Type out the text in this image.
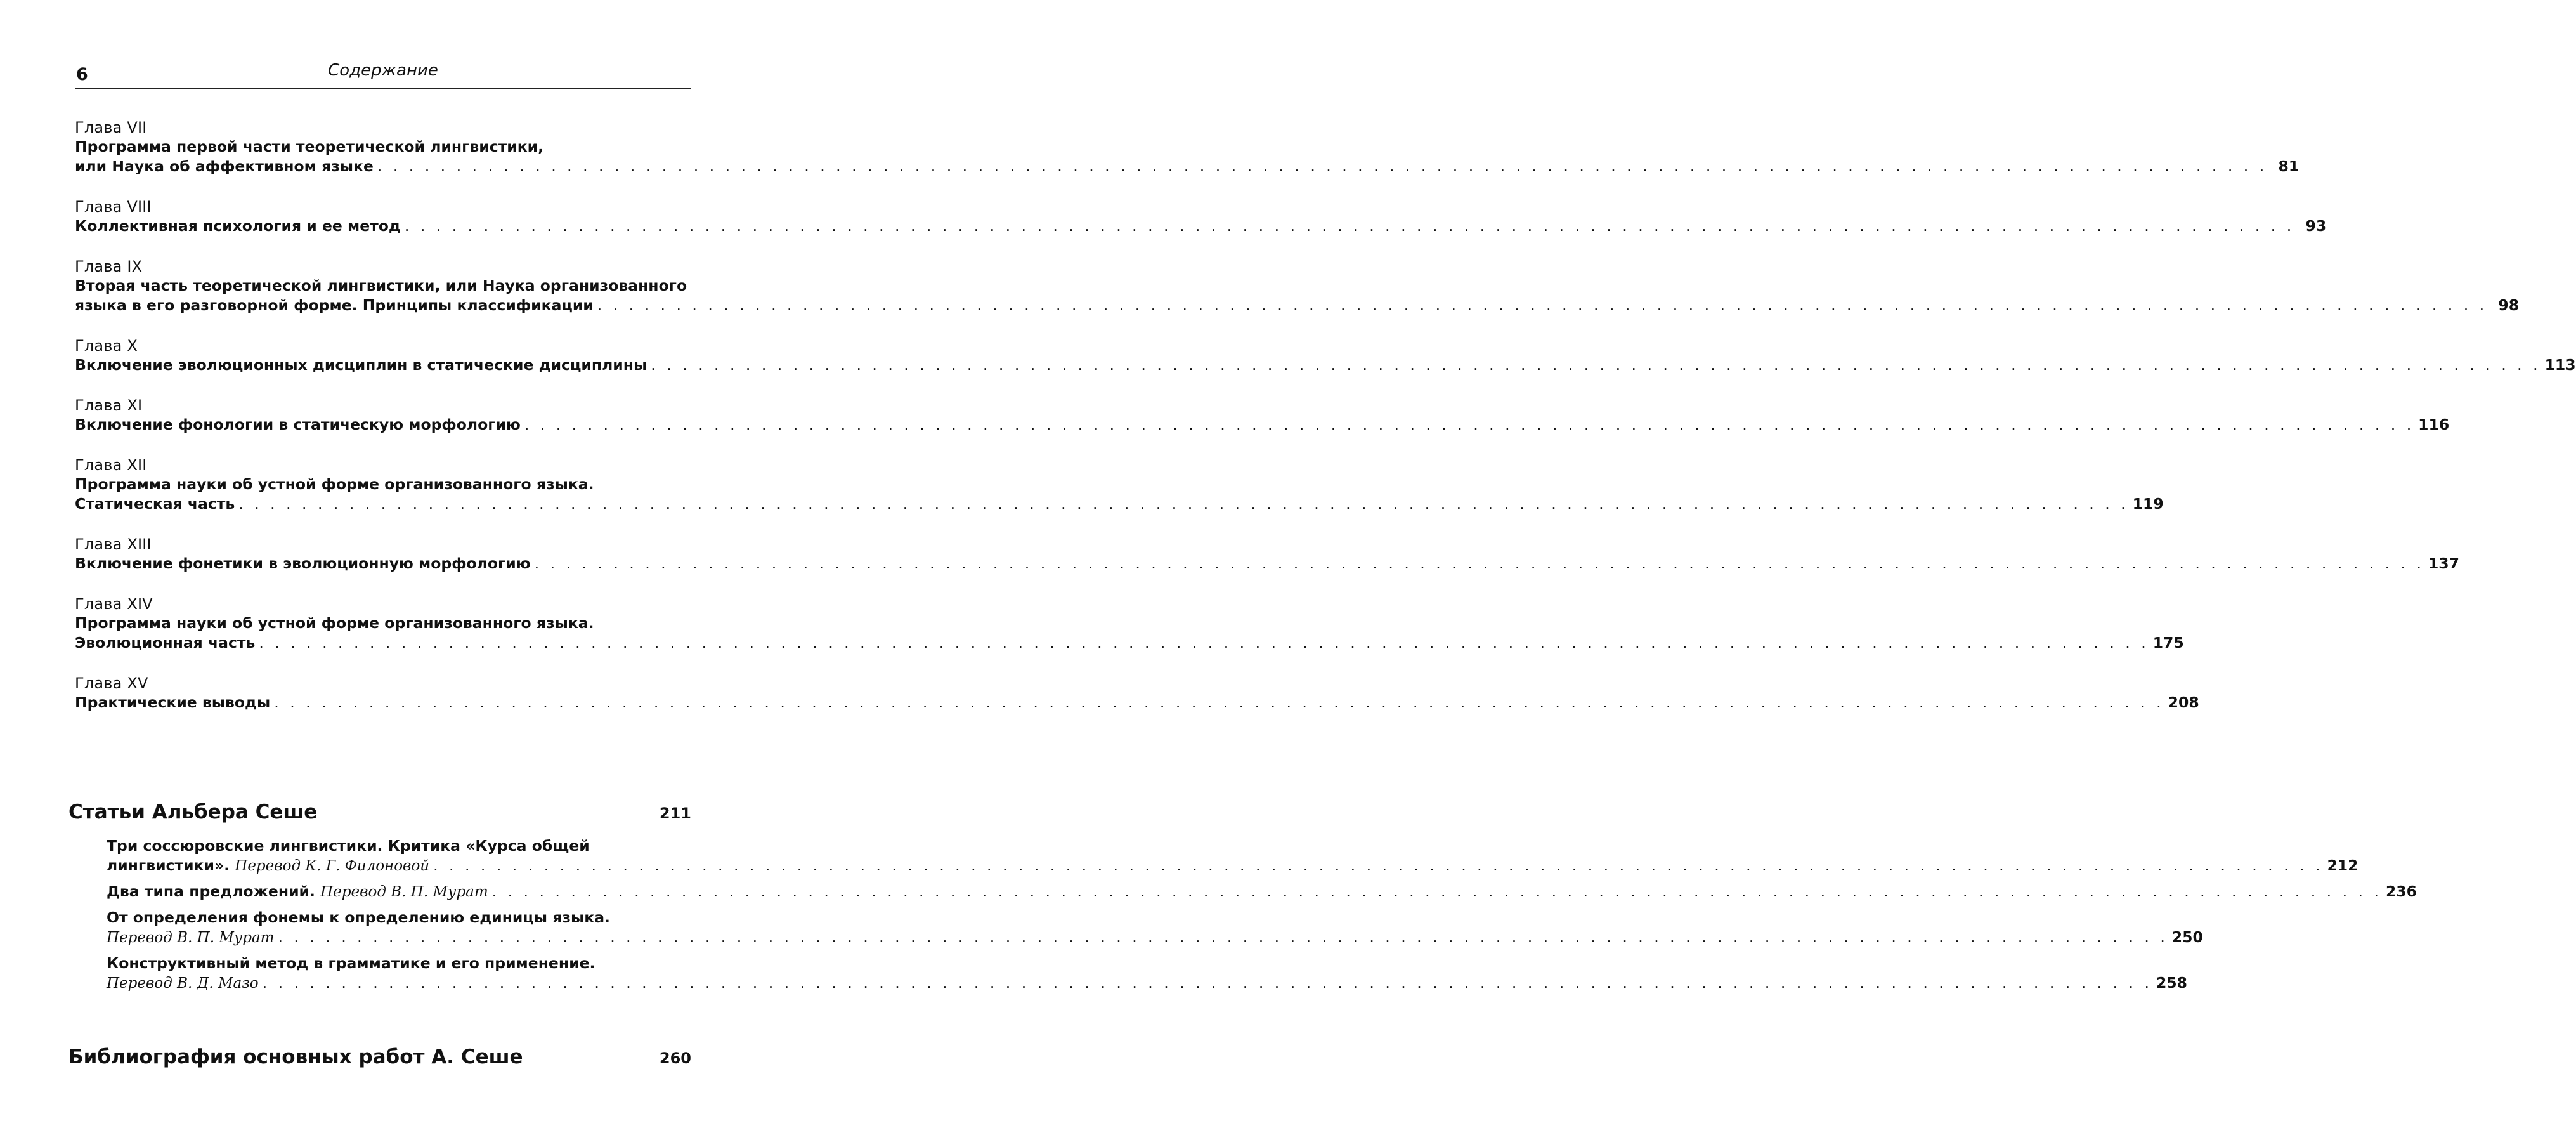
6	Содержание
Глава VII
Программа первой части теоретической лингвистики,
или Наука об аффективном языке . . . . . . . . . . . . . . . . . . . . . . . . . . . . . . . . . . . . . . . . . . . . . . . . . . . . . . . . . . . . . . . . . . . . . . . . . . . . . . . . . . . . . . . . . . . . . . . . . . . . . . . . . . . . . . . . . . . . . . . . 81
Глава VIII
Коллективная психология и ее метод . . . . . . . . . . . . . . . . . . . . . . . . . . . . . . . . . . . . . . . . . . . . . . . . . . . . . . . . . . . . . . . . . . . . . . . . . . . . . . . . . . . . . . . . . . . . . . . . . . . . . . . . . . . . . . . . . . . . . . . . 93
Глава IX
Вторая часть теоретической лингвистики, или Наука организованного
языка в его разговорной форме. Принципы классификации . . . . . . . . . . . . . . . . . . . . . . . . . . . . . . . . . . . . . . . . . . . . . . . . . . . . . . . . . . . . . . . . . . . . . . . . . . . . . . . . . . . . . . . . . . . . . . . . . . . . . . . . . . . . . . . . . . . . . . . . 98
Глава X
Включение эволюционных дисциплин в статические дисциплины . . . . . . . . . . . . . . . . . . . . . . . . . . . . . . . . . . . . . . . . . . . . . . . . . . . . . . . . . . . . . . . . . . . . . . . . . . . . . . . . . . . . . . . . . . . . . . . . . . . . . . . . . . . . . . . . . . . . . . . . 113
Глава XI
Включение фонологии в статическую морфологию . . . . . . . . . . . . . . . . . . . . . . . . . . . . . . . . . . . . . . . . . . . . . . . . . . . . . . . . . . . . . . . . . . . . . . . . . . . . . . . . . . . . . . . . . . . . . . . . . . . . . . . . . . . . . . . . . . . . . . . . 116
Глава XII
Программа науки об устной форме организованного языка.
Статическая часть . . . . . . . . . . . . . . . . . . . . . . . . . . . . . . . . . . . . . . . . . . . . . . . . . . . . . . . . . . . . . . . . . . . . . . . . . . . . . . . . . . . . . . . . . . . . . . . . . . . . . . . . . . . . . . . . . . . . . . . . 119
Глава XIII
Включение фонетики в эволюционную морфологию . . . . . . . . . . . . . . . . . . . . . . . . . . . . . . . . . . . . . . . . . . . . . . . . . . . . . . . . . . . . . . . . . . . . . . . . . . . . . . . . . . . . . . . . . . . . . . . . . . . . . . . . . . . . . . . . . . . . . . . . 137
Глава XIV
Программа науки об устной форме организованного языка.
Эволюционная часть . . . . . . . . . . . . . . . . . . . . . . . . . . . . . . . . . . . . . . . . . . . . . . . . . . . . . . . . . . . . . . . . . . . . . . . . . . . . . . . . . . . . . . . . . . . . . . . . . . . . . . . . . . . . . . . . . . . . . . . . 175
Глава XV
Практические выводы . . . . . . . . . . . . . . . . . . . . . . . . . . . . . . . . . . . . . . . . . . . . . . . . . . . . . . . . . . . . . . . . . . . . . . . . . . . . . . . . . . . . . . . . . . . . . . . . . . . . . . . . . . . . . . . . . . . . . . . . 208
Статьи Альбера Сеше	211
Три соссюровские лингвистики. Критика «Курса общей
лингвистики». Перевод К. Г. Филоновой . . . . . . . . . . . . . . . . . . . . . . . . . . . . . . . . . . . . . . . . . . . . . . . . . . . . . . . . . . . . . . . . . . . . . . . . . . . . . . . . . . . . . . . . . . . . . . . . . . . . . . . . . . . . . . . . . . . . . . . . 212
Два типа предложений. Перевод В. П. Мурат . . . . . . . . . . . . . . . . . . . . . . . . . . . . . . . . . . . . . . . . . . . . . . . . . . . . . . . . . . . . . . . . . . . . . . . . . . . . . . . . . . . . . . . . . . . . . . . . . . . . . . . . . . . . . . . . . . . . . . . . 236
От определения фонемы к определению единицы языка.
Перевод В. П. Мурат . . . . . . . . . . . . . . . . . . . . . . . . . . . . . . . . . . . . . . . . . . . . . . . . . . . . . . . . . . . . . . . . . . . . . . . . . . . . . . . . . . . . . . . . . . . . . . . . . . . . . . . . . . . . . . . . . . . . . . . . 250
Конструктивный метод в грамматике и его применение.
Перевод В. Д. Мазо . . . . . . . . . . . . . . . . . . . . . . . . . . . . . . . . . . . . . . . . . . . . . . . . . . . . . . . . . . . . . . . . . . . . . . . . . . . . . . . . . . . . . . . . . . . . . . . . . . . . . . . . . . . . . . . . . . . . . . . . 258
Библиография основных работ А. Сеше	260
